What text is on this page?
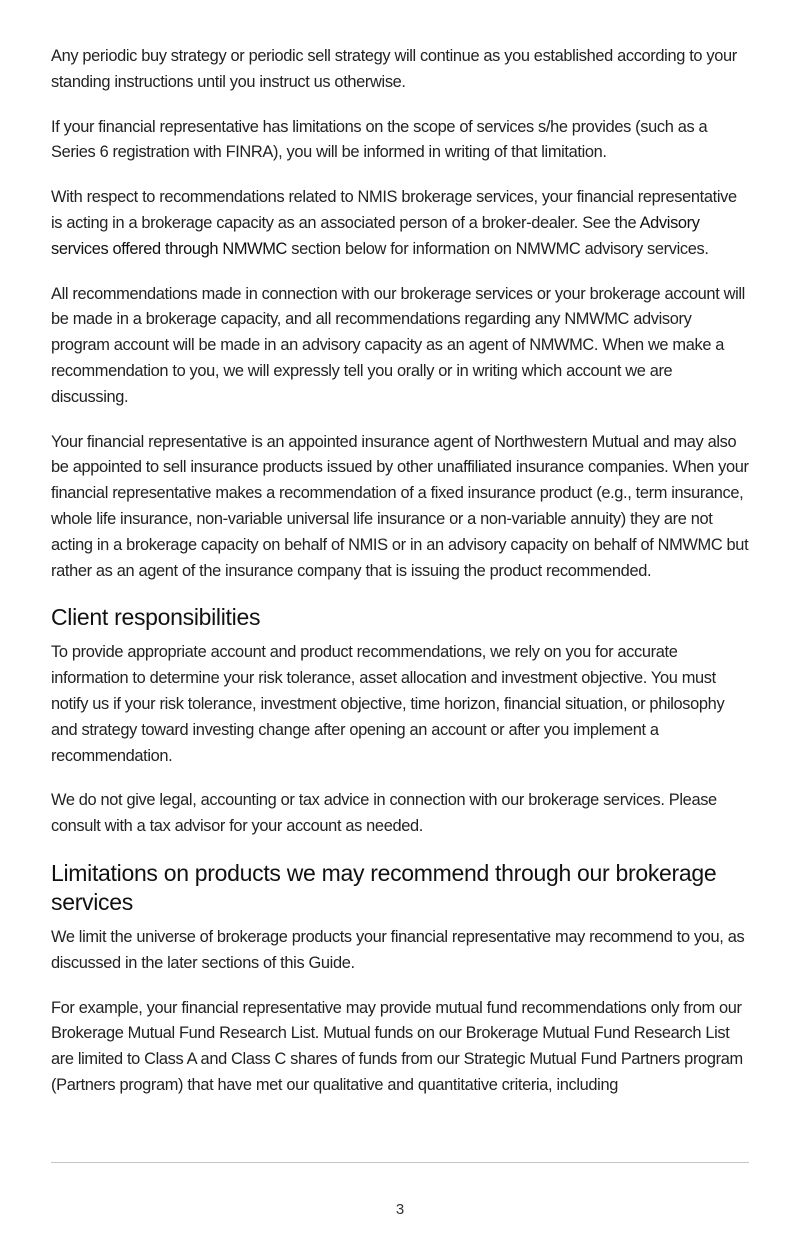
Any periodic buy strategy or periodic sell strategy will continue as you established according to your standing instructions until you instruct us otherwise.

If your financial representative has limitations on the scope of services s/he provides (such as a Series 6 registration with FINRA), you will be informed in writing of that limitation.

With respect to recommendations related to NMIS brokerage services, your financial representative is acting in a brokerage capacity as an associated person of a broker-dealer. See the Advisory services offered through NMWMC section below for information on NMWMC advisory services.

All recommendations made in connection with our brokerage services or your brokerage account will be made in a brokerage capacity, and all recommendations regarding any NMWMC advisory program account will be made in an advisory capacity as an agent of NMWMC. When we make a recommendation to you, we will expressly tell you orally or in writing which account we are discussing.

Your financial representative is an appointed insurance agent of Northwestern Mutual and may also be appointed to sell insurance products issued by other unaffiliated insurance companies. When your financial representative makes a recommendation of a fixed insurance product (e.g., term insurance, whole life insurance, non-variable universal life insurance or a non-variable annuity) they are not acting in a brokerage capacity on behalf of NMIS or in an advisory capacity on behalf of NMWMC but rather as an agent of the insurance company that is issuing the product recommended.

Client responsibilities

To provide appropriate account and product recommendations, we rely on you for accurate information to determine your risk tolerance, asset allocation and investment objective. You must notify us if your risk tolerance, investment objective, time horizon, financial situation, or philosophy and strategy toward investing change after opening an account or after you implement a recommendation.

We do not give legal, accounting or tax advice in connection with our brokerage services. Please consult with a tax advisor for your account as needed.

Limitations on products we may recommend through our brokerage services

We limit the universe of brokerage products your financial representative may recommend to you, as discussed in the later sections of this Guide.

For example, your financial representative may provide mutual fund recommendations only from our Brokerage Mutual Fund Research List. Mutual funds on our Brokerage Mutual Fund Research List are limited to Class A and Class C shares of funds from our Strategic Mutual Fund Partners program (Partners program) that have met our qualitative and quantitative criteria, including

3
